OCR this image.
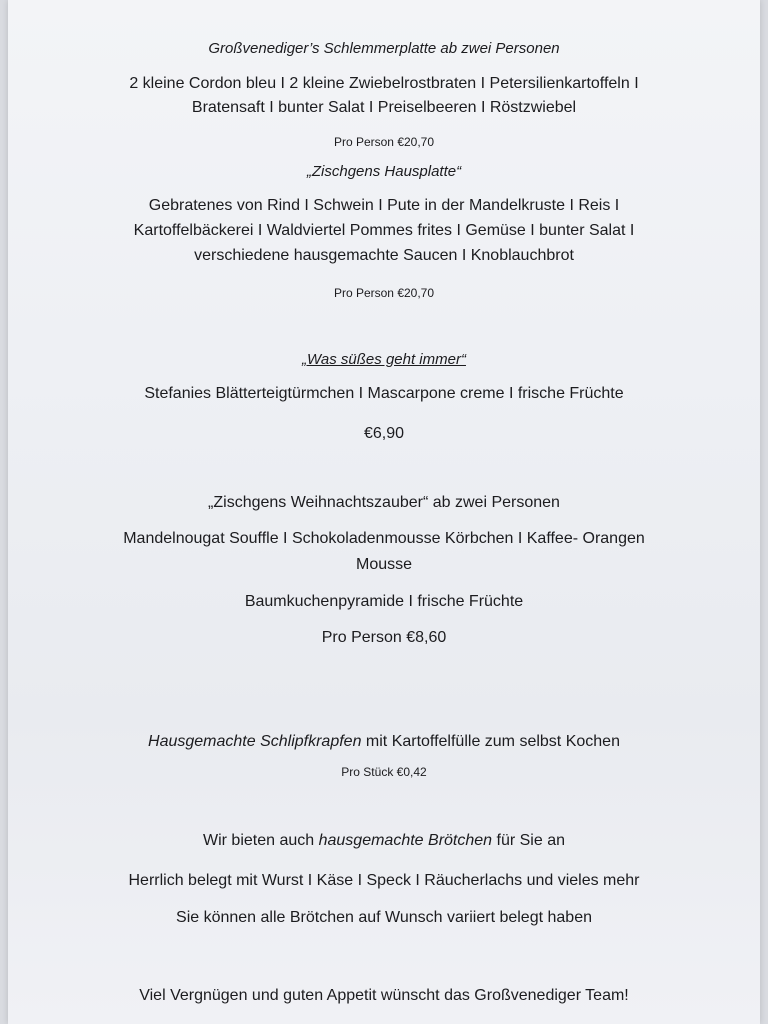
Großvenediger’s Schlemmerplatte ab zwei Personen
2 kleine Cordon bleu I 2 kleine Zwiebelrostbraten I Petersilienkartoffeln I
Bratensaft I bunter Salat I Preiselbeeren I Röstzwiebel
Pro Person €20,70
„Zischgens Hausplatte“
Gebratenes von Rind I Schwein I Pute in der Mandelkruste I Reis I
Kartoffelbäckerei I Waldviertel Pommes frites I Gemüse I bunter Salat I
verschiedene hausgemachte Saucen I Knoblauchbrot
Pro Person €20,70
„Was süßes geht immer“
Stefanies Blätterteigtürmchen I Mascarpone creme I frische Früchte
€6,90
„Zischgens Weihnachtszauber“ ab zwei Personen
Mandelnougat Souffle I Schokoladenmousse Körbchen I Kaffee- Orangen
Mousse
Baumkuchenpyramide I frische Früchte
Pro Person €8,60
Hausgemachte Schlipfkrapfen mit Kartoffelfülle zum selbst Kochen
Pro Stück €0,42
Wir bieten auch hausgemachte Brötchen für Sie an
Herrlich belegt mit Wurst I Käse I Speck I Räucherlachs und vieles mehr
Sie können alle Brötchen auf Wunsch variiert belegt haben
Viel Vergnügen und guten Appetit wünscht das Großvenediger Team!
